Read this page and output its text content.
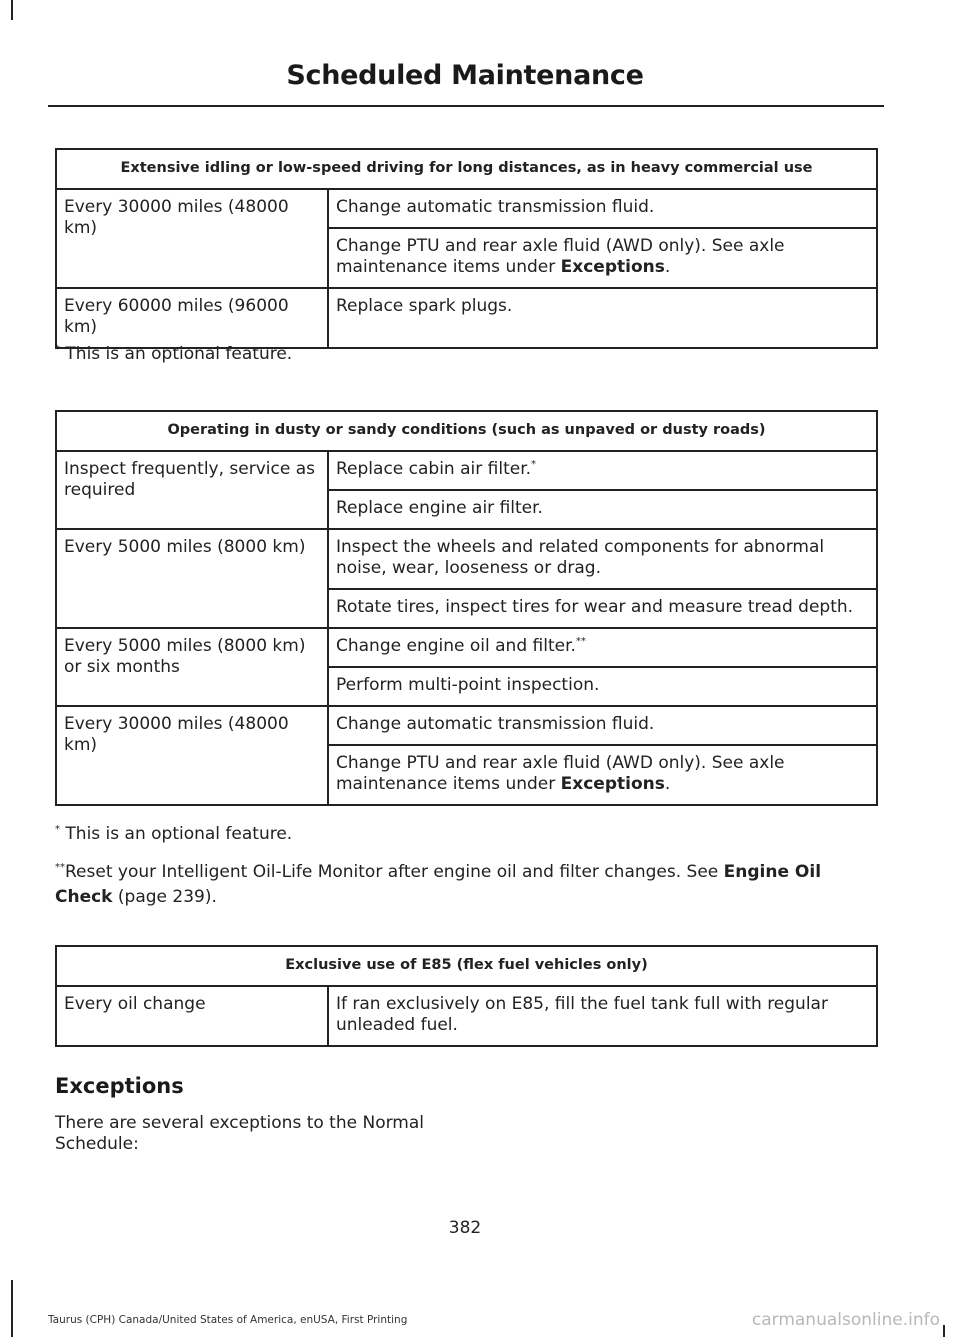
Scheduled Maintenance
Extensive idling or low-speed driving for long distances, as in heavy commercial use	
Every 30000 miles (48000 km)	Change automatic transmission fluid.
	Change PTU and rear axle fluid (AWD only). See axle maintenance items under Exceptions.
Every 60000 miles (96000 km)	Replace spark plugs.
* This is an optional feature.
Operating in dusty or sandy conditions (such as unpaved or dusty roads)	
Inspect frequently, service as required	Replace cabin air filter.*
	Replace engine air filter.
Every 5000 miles (8000 km)	Inspect the wheels and related components for abnormal noise, wear, looseness or drag.
	Rotate tires, inspect tires for wear and measure tread depth.
Every 5000 miles (8000 km) or six months	Change engine oil and filter.**
	Perform multi-point inspection.
Every 30000 miles (48000 km)	Change automatic transmission fluid.
	Change PTU and rear axle fluid (AWD only). See axle maintenance items under Exceptions.
* This is an optional feature.
**Reset your Intelligent Oil-Life Monitor after engine oil and filter changes. See Engine Oil Check (page 239).
Exclusive use of E85 (flex fuel vehicles only)
Every oil change	If ran exclusively on E85, fill the fuel tank full with regular unleaded fuel.
Exceptions
There are several exceptions to the Normal Schedule:
382
Taurus (CPH) Canada/United States of America, enUSA, First Printing	carmanualsonline.info
